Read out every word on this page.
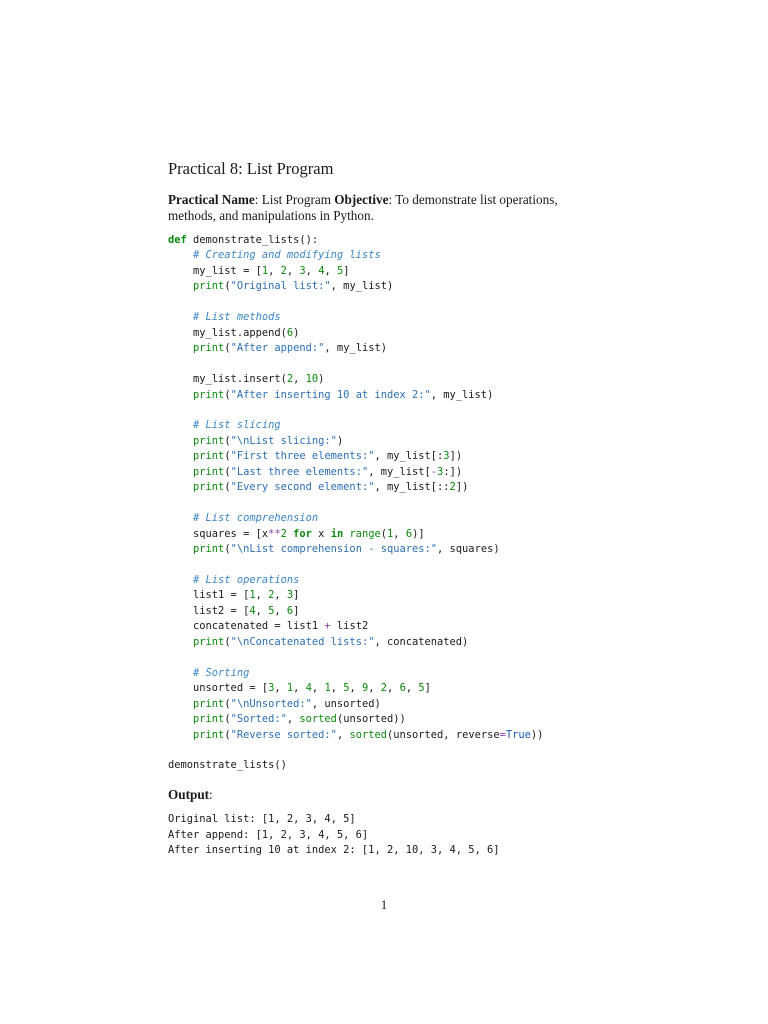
Practical 8: List Program

Practical Name: List Program Objective: To demonstrate list operations, methods, and manipulations in Python.

def demonstrate_lists():
# Creating and modifying lists
my_list = [1, 2, 3, 4, 5]
print("Original list:", my_list)

# List methods
my_list.append(6)
print("After append:", my_list)

my_list.insert(2, 10)
print("After inserting 10 at index 2:", my_list)

# List slicing
print("\nList slicing:")
print("First three elements:", my_list[:3])
print("Last three elements:", my_list[-3:])
print("Every second element:", my_list[::2])

# List comprehension
squares = [x**2 for x in range(1, 6)]
print("\nList comprehension - squares:", squares)

# List operations
list1 = [1, 2, 3]
list2 = [4, 5, 6]
concatenated = list1 + list2
print("\nConcatenated lists:", concatenated)

# Sorting
unsorted = [3, 1, 4, 1, 5, 9, 2, 6, 5]
print("\nUnsorted:", unsorted)
print("Sorted:", sorted(unsorted))
print("Reverse sorted:", sorted(unsorted, reverse=True))
demonstrate_lists()

Output:

Original list: [1, 2, 3, 4, 5]
After append: [1, 2, 3, 4, 5, 6]
After inserting 10 at index 2: [1, 2, 10, 3, 4, 5, 6]
1
